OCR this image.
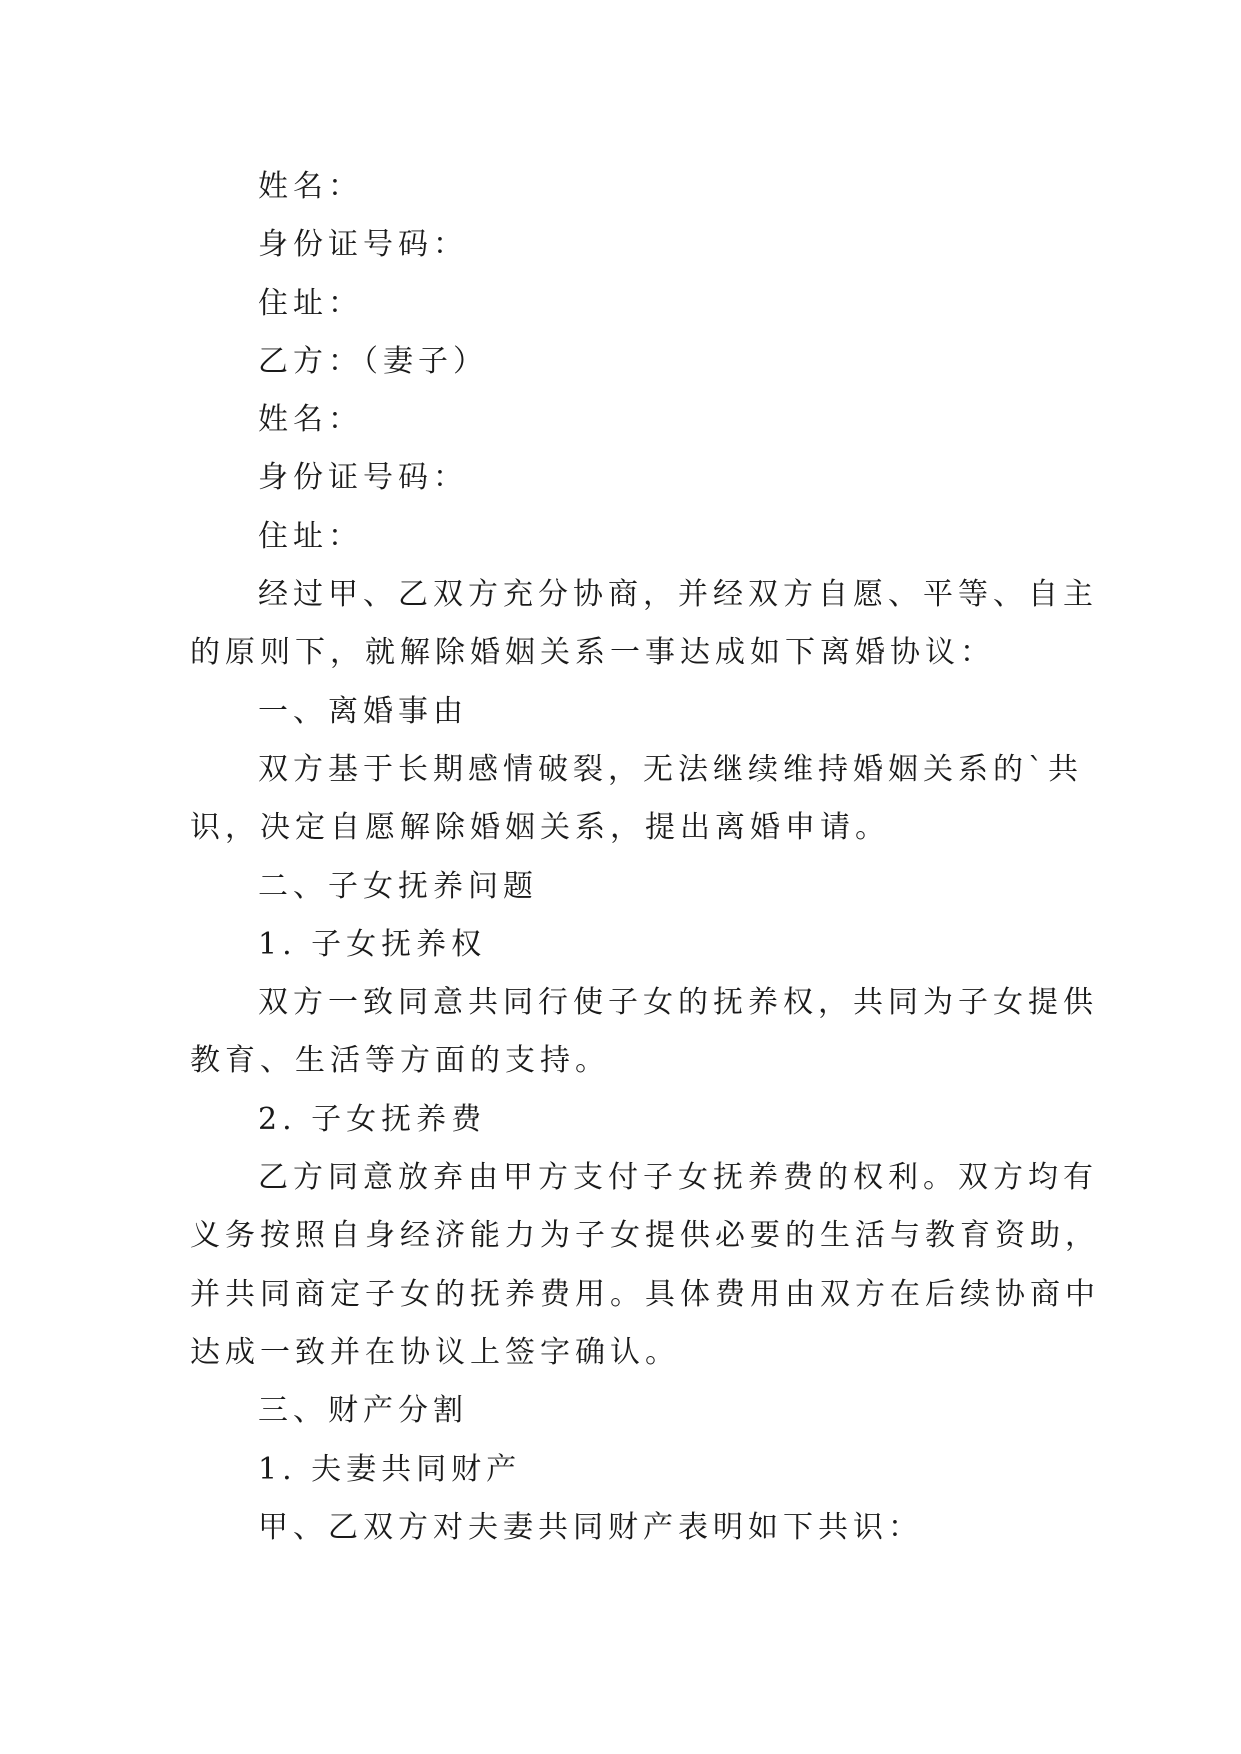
姓名：
身份证号码：
住址：
乙方：（妻子）
姓名：
身份证号码：
住址：
经过甲、乙双方充分协商，并经双方自愿、平等、自主
的原则下，就解除婚姻关系一事达成如下离婚协议：
一、离婚事由
双方基于长期感情破裂，无法继续维持婚姻关系的`共
识，决定自愿解除婚姻关系，提出离婚申请。
二、子女抚养问题
1. 子女抚养权
双方一致同意共同行使子女的抚养权，共同为子女提供
教育、生活等方面的支持。
2. 子女抚养费
乙方同意放弃由甲方支付子女抚养费的权利。双方均有
义务按照自身经济能力为子女提供必要的生活与教育资助，
并共同商定子女的抚养费用。具体费用由双方在后续协商中
达成一致并在协议上签字确认。
三、财产分割
1. 夫妻共同财产
甲、乙双方对夫妻共同财产表明如下共识：
